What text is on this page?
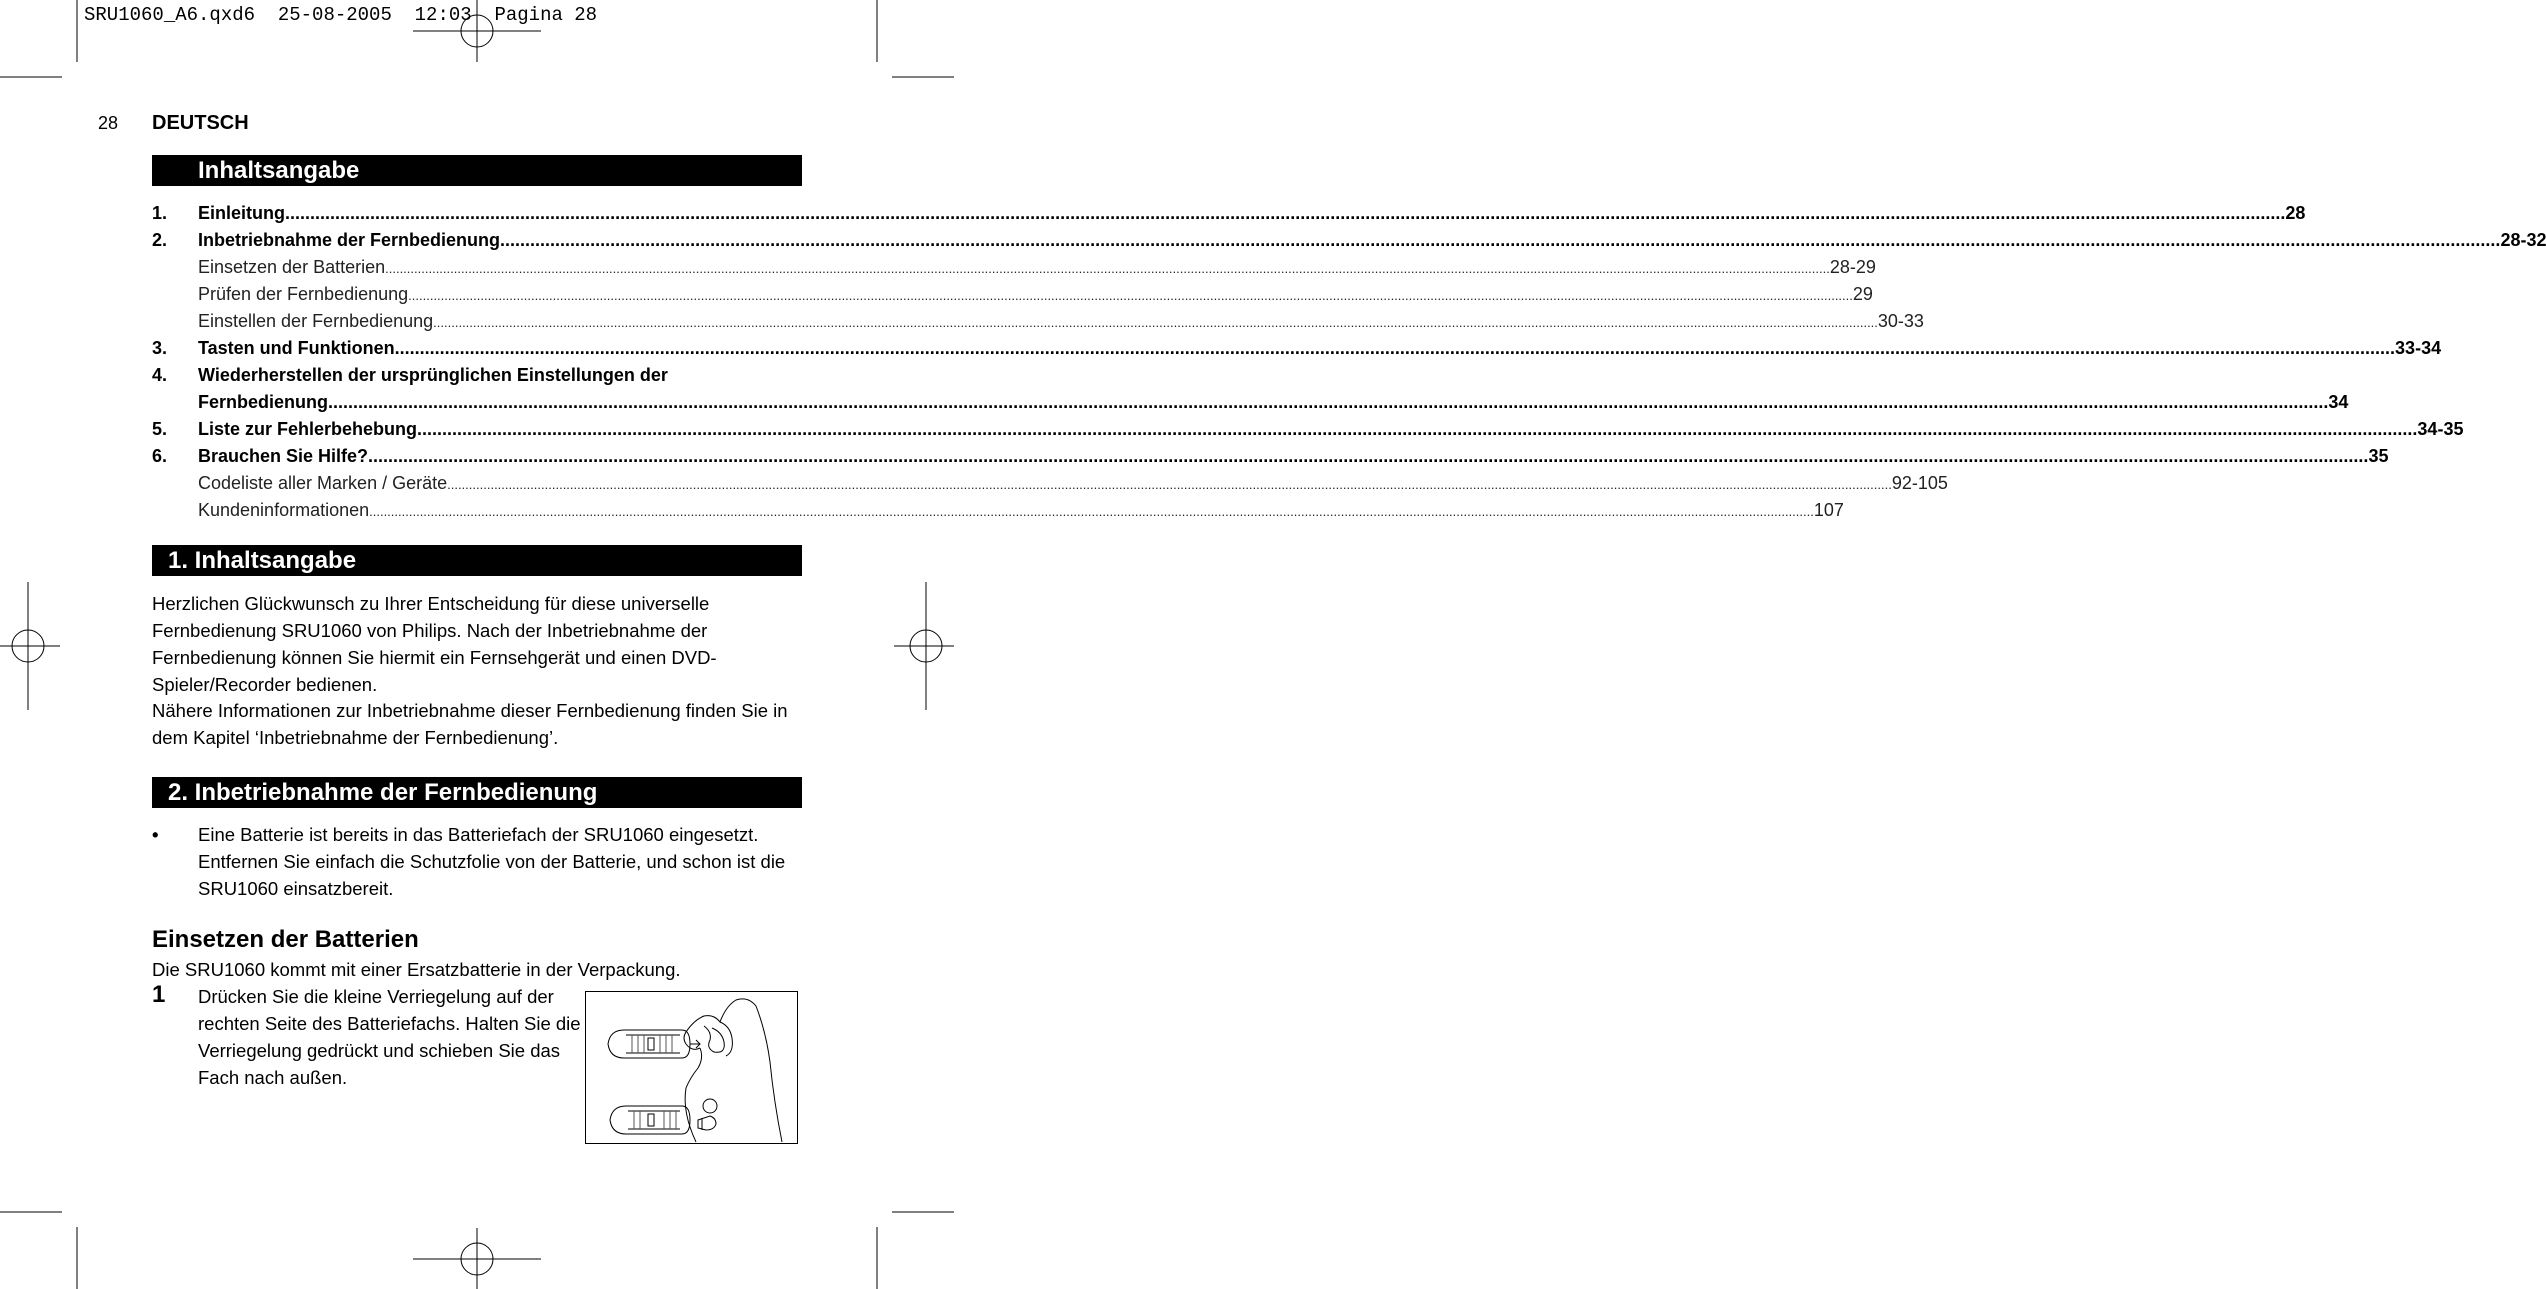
SRU1060_A6.qxd6  25-08-2005  12:03  Pagina 28
28 DEUTSCH
Inhaltsangabe
1.	Einleitung ................................................................................................................................................................................................................................................................................................................................................................................................................ 28
2.	Inbetriebnahme der Fernbedienung ................................................................................................................................................................................................................................................................................................................................................................................................................ 28-32
Einsetzen der Batterien ................................................................................................................................................................................................................................................................................................................................................................................................................ 28-29
Prüfen der Fernbedienung ................................................................................................................................................................................................................................................................................................................................................................................................................ 29
Einstellen der Fernbedienung ................................................................................................................................................................................................................................................................................................................................................................................................................ 30-33
3.	Tasten und Funktionen ................................................................................................................................................................................................................................................................................................................................................................................................................ 33-34
4.	Wiederherstellen der ursprünglichen Einstellungen der
Fernbedienung ................................................................................................................................................................................................................................................................................................................................................................................................................ 34
5.	Liste zur Fehlerbehebung ................................................................................................................................................................................................................................................................................................................................................................................................................ 34-35
6.	Brauchen Sie Hilfe? ................................................................................................................................................................................................................................................................................................................................................................................................................ 35
Codeliste aller Marken / Geräte ................................................................................................................................................................................................................................................................................................................................................................................................................ 92-105
Kundeninformationen ................................................................................................................................................................................................................................................................................................................................................................................................................ 107
1. Inhaltsangabe
Herzlichen Glückwunsch zu Ihrer Entscheidung für diese universelle Fernbedienung SRU1060 von Philips. Nach der Inbetriebnahme der Fernbedienung können Sie hiermit ein Fernsehgerät und einen DVD-Spieler/Recorder bedienen.
Nähere Informationen zur Inbetriebnahme dieser Fernbedienung finden Sie in dem Kapitel ‘Inbetriebnahme der Fernbedienung’.
2. Inbetriebnahme der Fernbedienung
• Eine Batterie ist bereits in das Batteriefach der SRU1060 eingesetzt. Entfernen Sie einfach die Schutzfolie von der Batterie, und schon ist die SRU1060 einsatzbereit.
Einsetzen der Batterien
Die SRU1060 kommt mit einer Ersatzbatterie in der Verpackung.
1 Drücken Sie die kleine Verriegelung auf der rechten Seite des Batteriefachs. Halten Sie die Verriegelung gedrückt und schieben Sie das Fach nach außen.
